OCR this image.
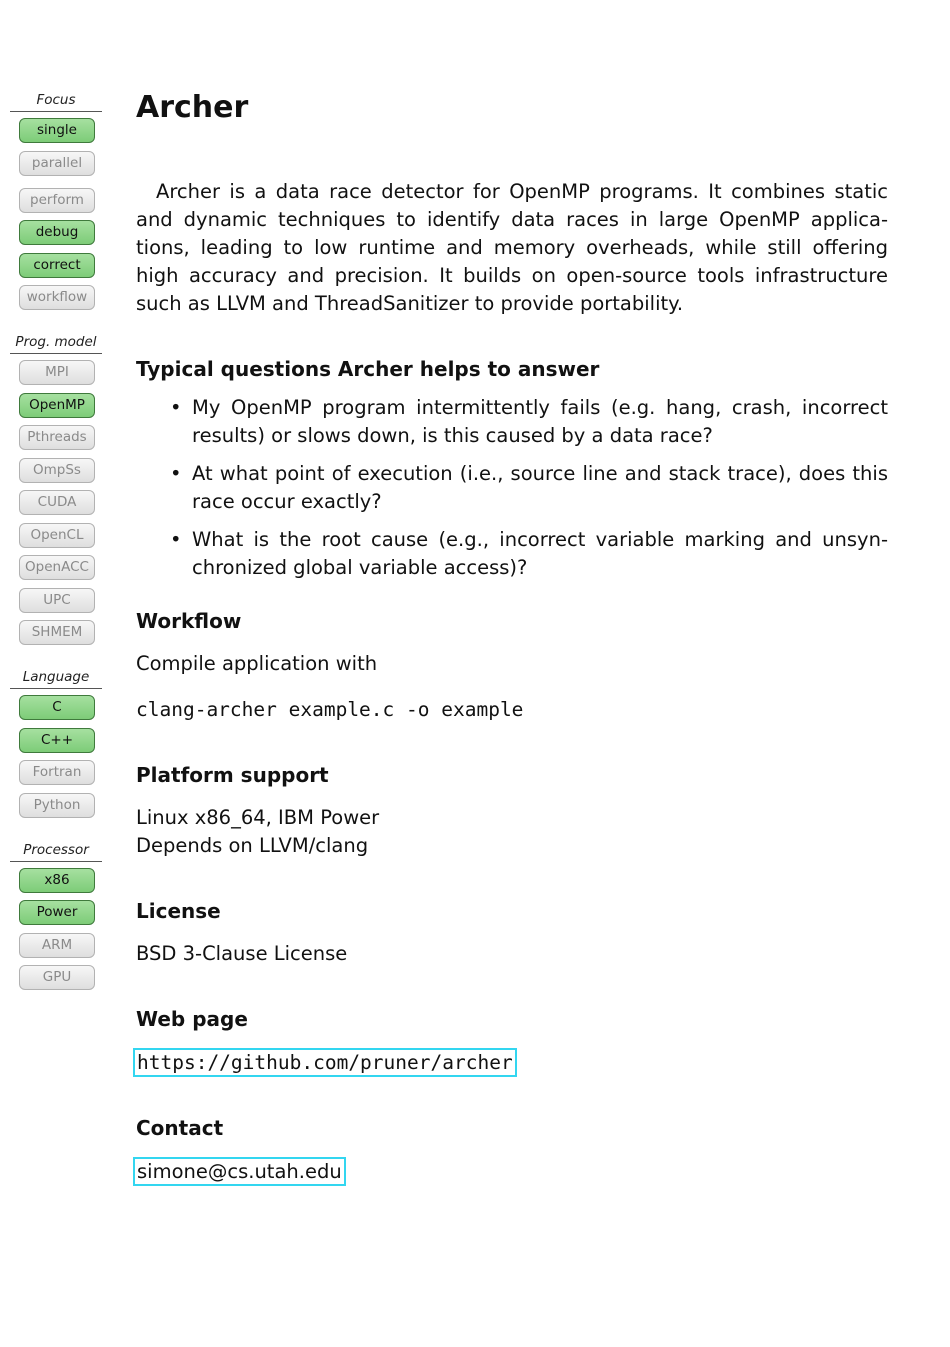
Focus
single
parallel
perform
debug
correct
workflow
Prog. model
MPI
OpenMP
Pthreads
OmpSs
CUDA
OpenCL
OpenACC
UPC
SHMEM
Language
C
C++
Fortran
Python
Processor
x86
Power
ARM
GPU
Archer

Archer is a data race detector for OpenMP programs. It combines static and dynamic techniques to identify data races in large OpenMP applica-tions, leading to low runtime and memory overheads, while still offering high accuracy and precision. It builds on open-source tools infrastructure such as LLVM and ThreadSanitizer to provide portability.

Typical questions Archer helps to answer
• My OpenMP program intermittently fails (e.g. hang, crash, incorrect results) or slows down, is this caused by a data race?
• At what point of execution (i.e., source line and stack trace), does this race occur exactly?
• What is the root cause (e.g., incorrect variable marking and unsyn-chronized global variable access)?
Workflow
Compile application with
clang-archer example.c -o example
Platform support
Linux x86_64, IBM Power
Depends on LLVM/clang
License
BSD 3-Clause License
Web page
https://github.com/pruner/archer
Contact
simone@cs.utah.edu
